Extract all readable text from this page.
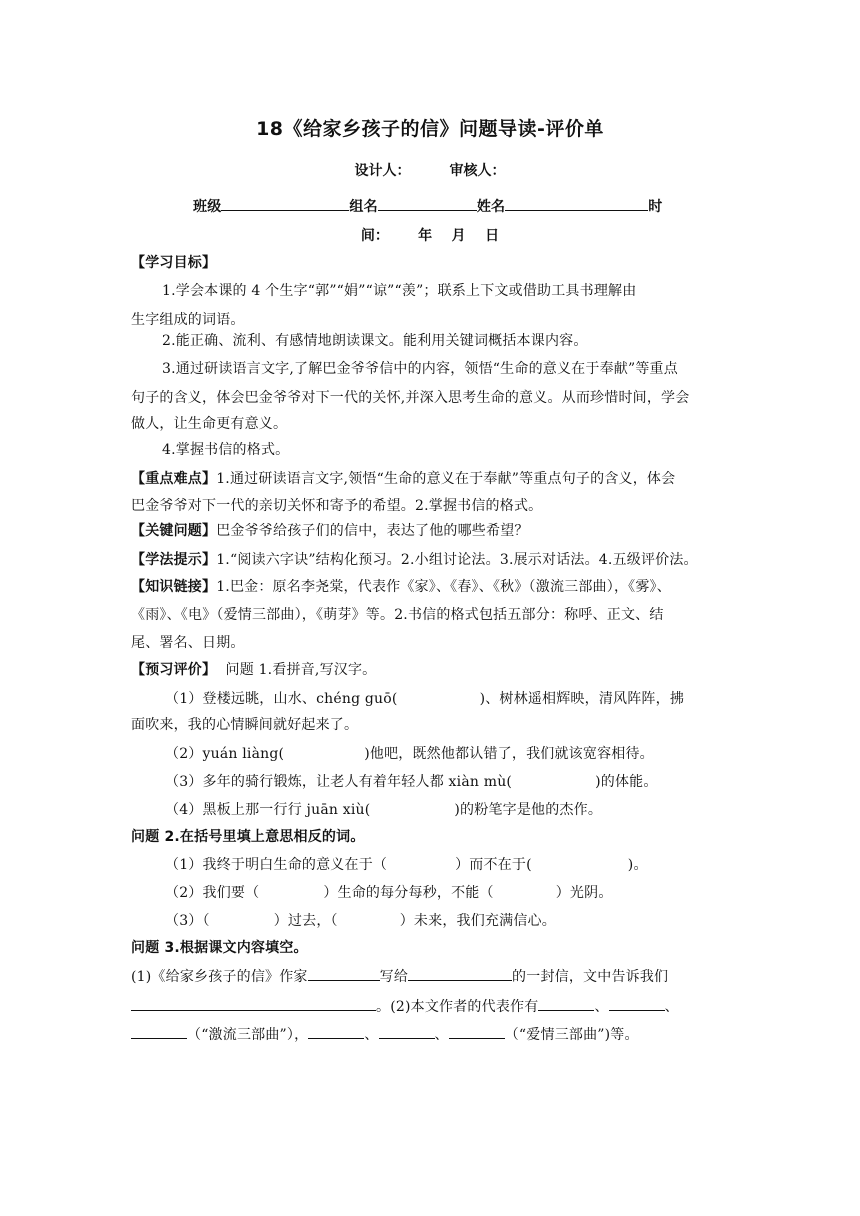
18《给家乡孩子的信》问题导读-评价单
设计人：        审核人：
班级	组名	姓名	时
间：      年    月    日
【学习目标】
1.学会本课的 4 个生字“郭”“娟”“谅”“羡”；联系上下文或借助工具书理解由
生字组成的词语。
2.能正确、流利、有感情地朗读课文。能利用关键词概括本课内容。
3.通过研读语言文字,了解巴金爷爷信中的内容，领悟“生命的意义在于奉献”等重点
句子的含义，体会巴金爷爷对下一代的关怀,并深入思考生命的意义。从而珍惜时间，学会
做人，让生命更有意义。
4.掌握书信的格式。
【重点难点】1.通过研读语言文字,领悟“生命的意义在于奉献”等重点句子的含义，体会
巴金爷爷对下一代的亲切关怀和寄予的希望。2.掌握书信的格式。
【关键问题】巴金爷爷给孩子们的信中，表达了他的哪些希望？
【学法提示】1.“阅读六字诀”结构化预习。2.小组讨论法。3.展示对话法。4.五级评价法。
【知识链接】1.巴金：原名李尧棠，代表作《家》、《春》、《秋》（激流三部曲），《雾》、
《雨》、《电》（爱情三部曲），《萌芽》等。2.书信的格式包括五部分：称呼、正文、结
尾、署名、日期。
【预习评价】 问题 1.看拼音,写汉字。
（1）登楼远眺，山水、chéng guō(	)、树林遥相辉映，清风阵阵，拂
面吹来，我的心情瞬间就好起来了。
（2）yuán liàng(	)他吧，既然他都认错了，我们就该宽容相待。
（3）多年的骑行锻炼，让老人有着年轻人都 xiàn mù(	)的体能。
（4）黑板上那一行行 juān xiù(	)的粉笔字是他的杰作。
问题 2.在括号里填上意思相反的词。
（1）我终于明白生命的意义在于（	）而不在于(	)。
（2）我们要（	）生命的每分每秒，不能（	）光阴。
（3）（	）过去，（	）未来，我们充满信心。
问题 3.根据课文内容填空。
(1)《给家乡孩子的信》作家	写给	的一封信，文中告诉我们
。(2)本文作者的代表作有	、	、
（“激流三部曲”），	、	、	（“爱情三部曲”)等。
